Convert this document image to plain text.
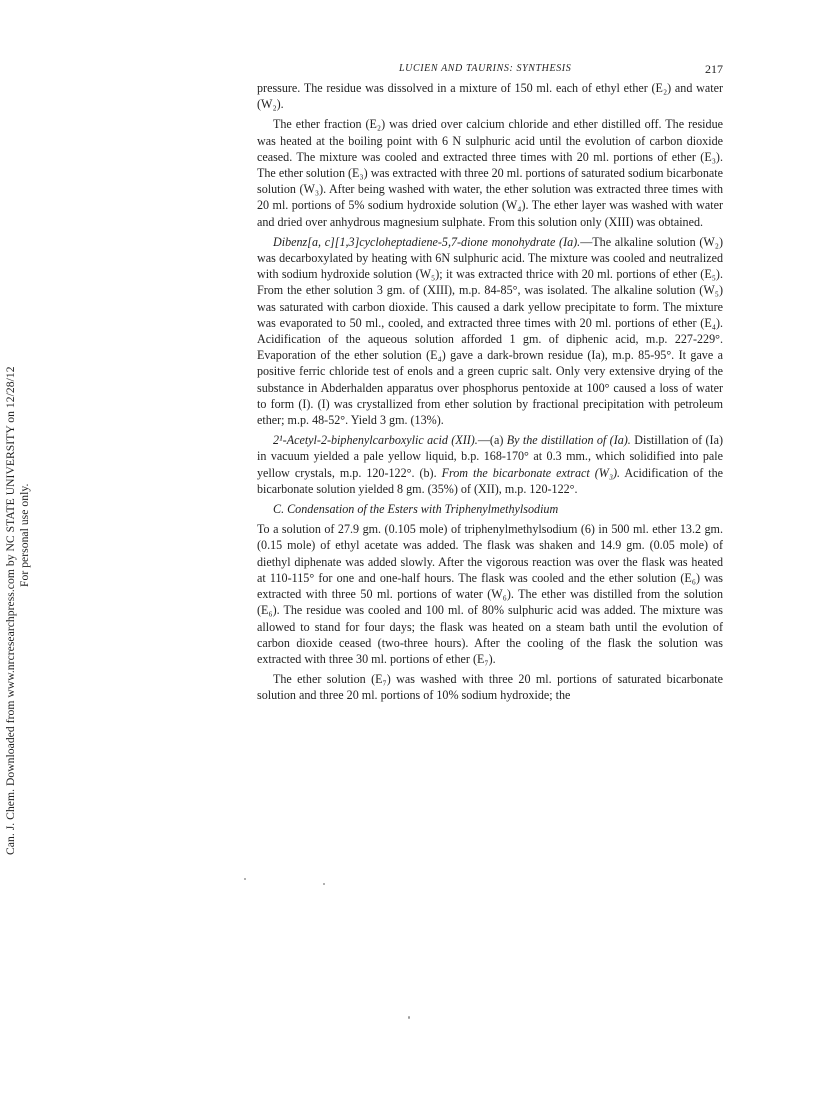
Can. J. Chem. Downloaded from www.nrcresearchpress.com by NC STATE UNIVERSITY on 12/28/12 For personal use only.
LUCIEN AND TAURINS: SYNTHESIS	217

pressure. The residue was dissolved in a mixture of 150 ml. each of ethyl ether (E₂) and water (W₂).

The ether fraction (E₂) was dried over calcium chloride and ether distilled off. The residue was heated at the boiling point with 6 N sulphuric acid until the evolution of carbon dioxide ceased. The mixture was cooled and extracted three times with 20 ml. portions of ether (E₃). The ether solution (E₃) was extracted with three 20 ml. portions of saturated sodium bicarbonate solution (W₃). After being washed with water, the ether solution was extracted three times with 20 ml. portions of 5% sodium hydroxide solution (W₄). The ether layer was washed with water and dried over anhydrous magnesium sulphate. From this solution only (XIII) was obtained.

Dibenz[a, c][1,3]cycloheptadiene-5,7-dione monohydrate (Ia).—The alkaline solution (W₂) was decarboxylated by heating with 6N sulphuric acid. The mixture was cooled and neutralized with sodium hydroxide solution (W₅); it was extracted thrice with 20 ml. portions of ether (E₅). From the ether solution 3 gm. of (XIII), m.p. 84-85°, was isolated. The alkaline solution (W₅) was saturated with carbon dioxide. This caused a dark yellow precipitate to form. The mixture was evaporated to 50 ml., cooled, and extracted three times with 20 ml. portions of ether (E₄). Acidification of the aqueous solution afforded 1 gm. of diphenic acid, m.p. 227-229°. Evaporation of the ether solution (E₄) gave a dark-brown residue (Ia), m.p. 85-95°. It gave a positive ferric chloride test of enols and a green cupric salt. Only very extensive drying of the substance in Abderhalden apparatus over phosphorus pentoxide at 100° caused a loss of water to form (I). (I) was crystallized from ether solution by fractional precipitation with petroleum ether; m.p. 48-52°. Yield 3 gm. (13%).

2¹-Acetyl-2-biphenylcarboxylic acid (XII).—(a) By the distillation of (Ia). Distillation of (Ia) in vacuum yielded a pale yellow liquid, b.p. 168-170° at 0.3 mm., which solidified into pale yellow crystals, m.p. 120-122°. (b). From the bicarbonate extract (W₃). Acidification of the bicarbonate solution yielded 8 gm. (35%) of (XII), m.p. 120-122°.

C. Condensation of the Esters with Triphenylmethylsodium

To a solution of 27.9 gm. (0.105 mole) of triphenylmethylsodium (6) in 500 ml. ether 13.2 gm. (0.15 mole) of ethyl acetate was added. The flask was shaken and 14.9 gm. (0.05 mole) of diethyl diphenate was added slowly. After the vigorous reaction was over the flask was heated at 110-115° for one and one-half hours. The flask was cooled and the ether solution (E₆) was extracted with three 50 ml. portions of water (W₆). The ether was distilled from the solution (E₆). The residue was cooled and 100 ml. of 80% sulphuric acid was added. The mixture was allowed to stand for four days; the flask was heated on a steam bath until the evolution of carbon dioxide ceased (two-three hours). After the cooling of the flask the solution was extracted with three 30 ml. portions of ether (E₇).

The ether solution (E₇) was washed with three 20 ml. portions of saturated bicarbonate solution and three 20 ml. portions of 10% sodium hydroxide; the
